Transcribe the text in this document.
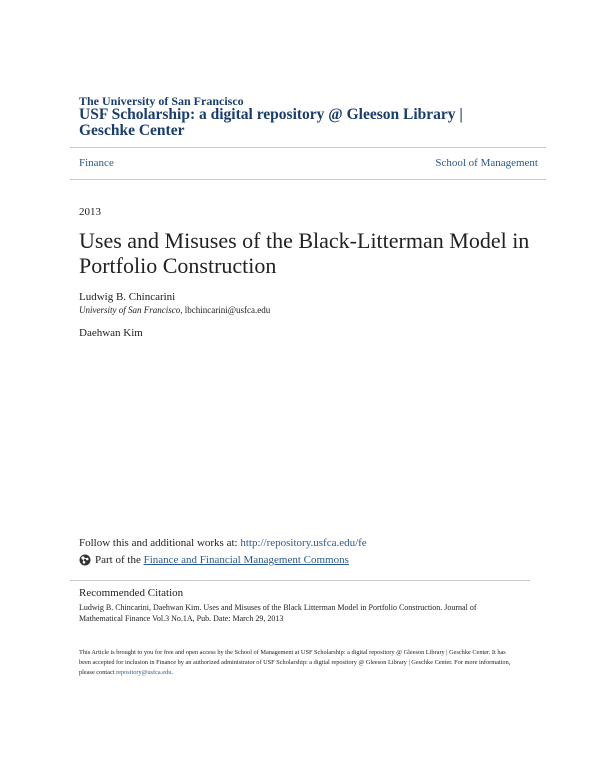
The University of San Francisco
USF Scholarship: a digital repository @ Gleeson Library | Geschke Center
Finance	School of Management
2013
Uses and Misuses of the Black-Litterman Model in Portfolio Construction
Ludwig B. Chincarini
University of San Francisco, lbchincarini@usfca.edu
Daehwan Kim
Follow this and additional works at: http://repository.usfca.edu/fe
Part of the
Finance and Financial Management Commons
Recommended Citation
Ludwig B. Chincarini, Daehwan Kim. Uses and Misuses of the Black Litterman Model in Portfolio Construction. Journal of Mathematical Finance Vol.3 No.1A, Pub. Date: March 29, 2013
This Article is brought to you for free and open access by the School of Management at USF Scholarship: a digital repository @ Gleeson Library | Geschke Center. It has been accepted for inclusion in Finance by an authorized administrator of USF Scholarship: a digital repository @ Gleeson Library | Geschke Center. For more information, please contact repository@usfca.edu.
